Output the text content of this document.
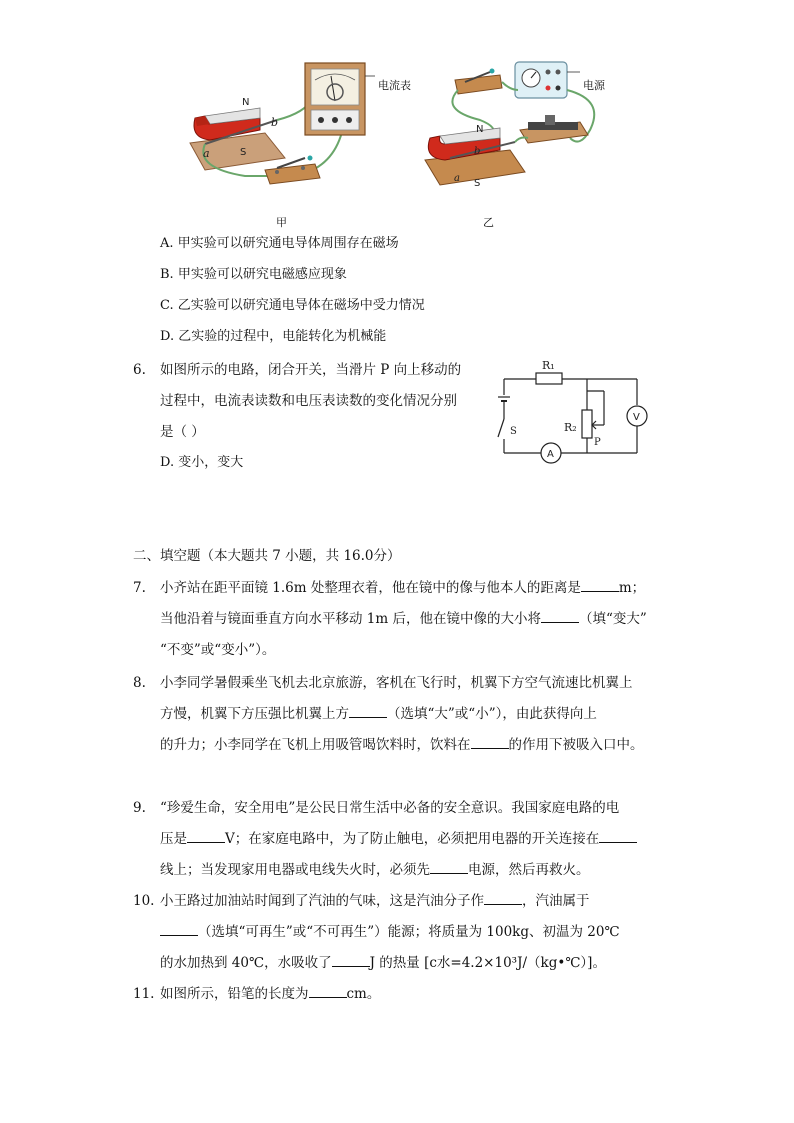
N
S
a
b
电流表
甲
N
S
a
b
电源
乙
A. 甲实验可以研究通电导体周围存在磁场
B. 甲实验可以研究电磁感应现象
C. 乙实验可以研究通电导体在磁场中受力情况
D. 乙实验的过程中，电能转化为机械能
6. 如图所示的电路，闭合开关，当滑片 P 向上移动的
过程中，电流表读数和电压表读数的变化情况分别
是（ ）
D. 变小，变大
R₁
R₂
P
S
V
A
二、填空题（本大题共 7 小题，共 16.0分）
7. 小齐站在距平面镜 1.6m 处整理衣着，他在镜中的像与他本人的距离是	m；
当他沿着与镜面垂直方向水平移动 1m 后，他在镜中像的大小将	（填“变大”
“不变”或“变小”）。
8. 小李同学暑假乘坐飞机去北京旅游，客机在飞行时，机翼下方空气流速比机翼上
方慢，机翼下方压强比机翼上方	（选填“大”或“小”），由此获得向上
的升力；小李同学在飞机上用吸管喝饮料时，饮料在	的作用下被吸入口中。
9. “珍爱生命，安全用电”是公民日常生活中必备的安全意识。我国家庭电路的电
压是	V；在家庭电路中，为了防止触电，必须把用电器的开关连接在
线上；当发现家用电器或电线失火时，必须先	电源，然后再救火。
10. 小王路过加油站时闻到了汽油的气味，这是汽油分子作	，汽油属于
（选填“可再生”或“不可再生”）能源；将质量为 100kg、初温为 20℃
的水加热到 40℃，水吸收了	J 的热量 [c水=4.2×10³J/（kg•℃）]。
11. 如图所示，铅笔的长度为	cm。
